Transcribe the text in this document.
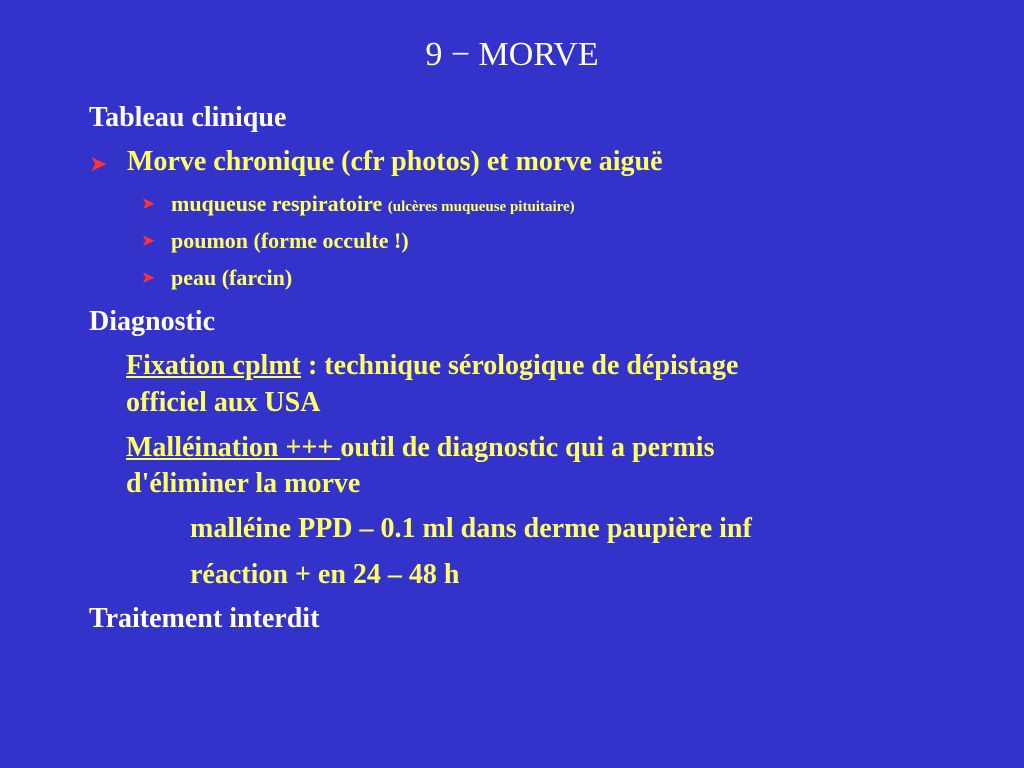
9 − MORVE
Tableau clinique
➤ Morve chronique (cfr photos) et morve aiguë
➤ muqueuse respiratoire (ulcères muqueuse pituitaire)
➤ poumon (forme occulte !)
➤ peau (farcin)
Diagnostic
Fixation cplmt : technique sérologique de dépistage
officiel aux USA
Malléination +++ outil de diagnostic qui a permis
d'éliminer la morve
malléine PPD – 0.1 ml dans derme paupière inf
réaction + en 24 – 48 h
Traitement interdit
